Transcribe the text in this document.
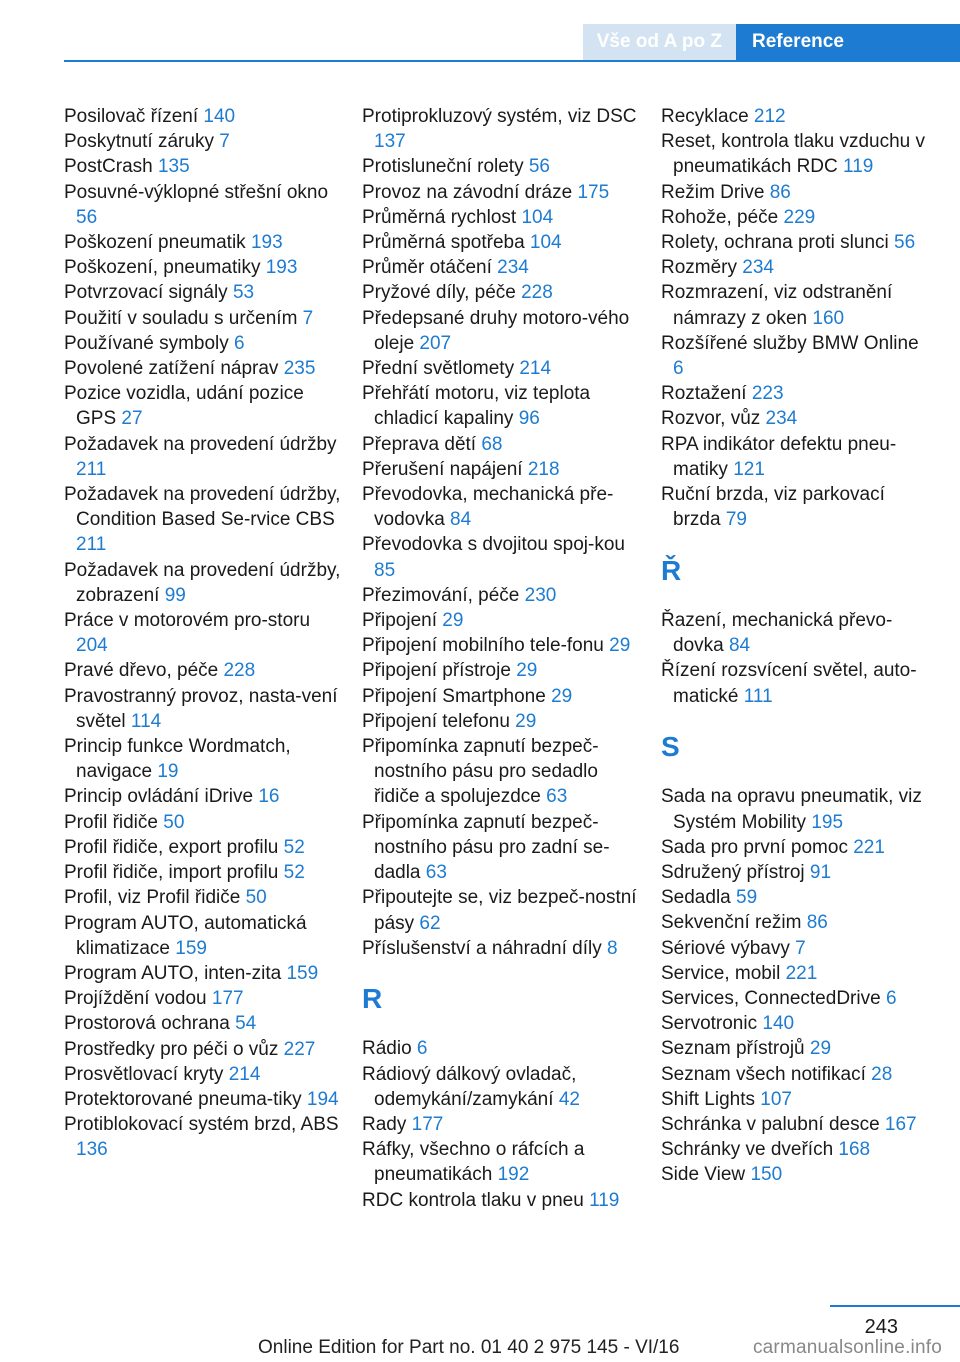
Vše od A po Z	Reference
Posilovač řízení 140
Poskytnutí záruky 7
PostCrash 135
Posuvné-výklopné střešní okno 56
Poškození pneumatik 193
Poškození, pneumatiky 193
Potvrzovací signály 53
Použití v souladu s určením 7
Používané symboly 6
Povolené zatížení náprav 235
Pozice vozidla, udání pozice GPS 27
Požadavek na provedení údržby 211
Požadavek na provedení údržby, Condition Based Se‐rvice CBS 211
Požadavek na provedení údržby, zobrazení 99
Práce v motorovém pro‐storu 204
Pravé dřevo, péče 228
Pravostranný provoz, nasta‐vení světel 114
Princip funkce Wordmatch, navigace 19
Princip ovládání iDrive 16
Profil řidiče 50
Profil řidiče, export profilu 52
Profil řidiče, import profilu 52
Profil, viz Profil řidiče 50
Program AUTO, automatická klimatizace 159
Program AUTO, inten‐zita 159
Projíždění vodou 177
Prostorová ochrana 54
Prostředky pro péči o vůz 227
Prosvětlovací kryty 214
Protektorované pneuma‐tiky 194
Protiblokovací systém brzd, ABS 136
Protiprokluzový systém, viz DSC 137
Protisluneční rolety 56
Provoz na závodní dráze 175
Průměrná rychlost 104
Průměrná spotřeba 104
Průměr otáčení 234
Pryžové díly, péče 228
Předepsané druhy motoro‐vého oleje 207
Přední světlomety 214
Přehřátí motoru, viz teplota chladicí kapaliny 96
Přeprava dětí 68
Přerušení napájení 218
Převodovka, mechanická pře‐vodovka 84
Převodovka s dvojitou spoj‐kou 85
Přezimování, péče 230
Připojení 29
Připojení mobilního tele‐fonu 29
Připojení přístroje 29
Připojení Smartphone 29
Připojení telefonu 29
Připomínka zapnutí bezpeč‐nostního pásu pro sedadlo řidiče a spolujezdce 63
Připomínka zapnutí bezpeč‐nostního pásu pro zadní se‐dadla 63
Připoutejte se, viz bezpeč‐nostní pásy 62
Příslušenství a náhradní díly 8
R
Rádio 6
Rádiový dálkový ovladač, odemykání/zamykání 42
Rady 177
Ráfky, všechno o ráfcích a pneumatikách 192
RDC kontrola tlaku v pneu 119
Recyklace 212
Reset, kontrola tlaku vzduchu v pneumatikách RDC 119
Režim Drive 86
Rohože, péče 229
Rolety, ochrana proti slunci 56
Rozměry 234
Rozmrazení, viz odstranění námrazy z oken 160
Rozšířené služby BMW Online 6
Roztažení 223
Rozvor, vůz 234
RPA indikátor defektu pneu‐matiky 121
Ruční brzda, viz parkovací brzda 79
Ř
Řazení, mechanická převo‐dovka 84
Řízení rozsvícení světel, auto‐matické 111
S
Sada na opravu pneumatik, viz Systém Mobility 195
Sada pro první pomoc 221
Sdružený přístroj 91
Sedadla 59
Sekvenční režim 86
Sériové výbavy 7
Service, mobil 221
Services, ConnectedDrive 6
Servotronic 140
Seznam přístrojů 29
Seznam všech notifikací 28
Shift Lights 107
Schránka v palubní desce 167
Schránky ve dveřích 168
Side View 150
243
Online Edition for Part no. 01 40 2 975 145 - VI/16	carmanualsonline.info
